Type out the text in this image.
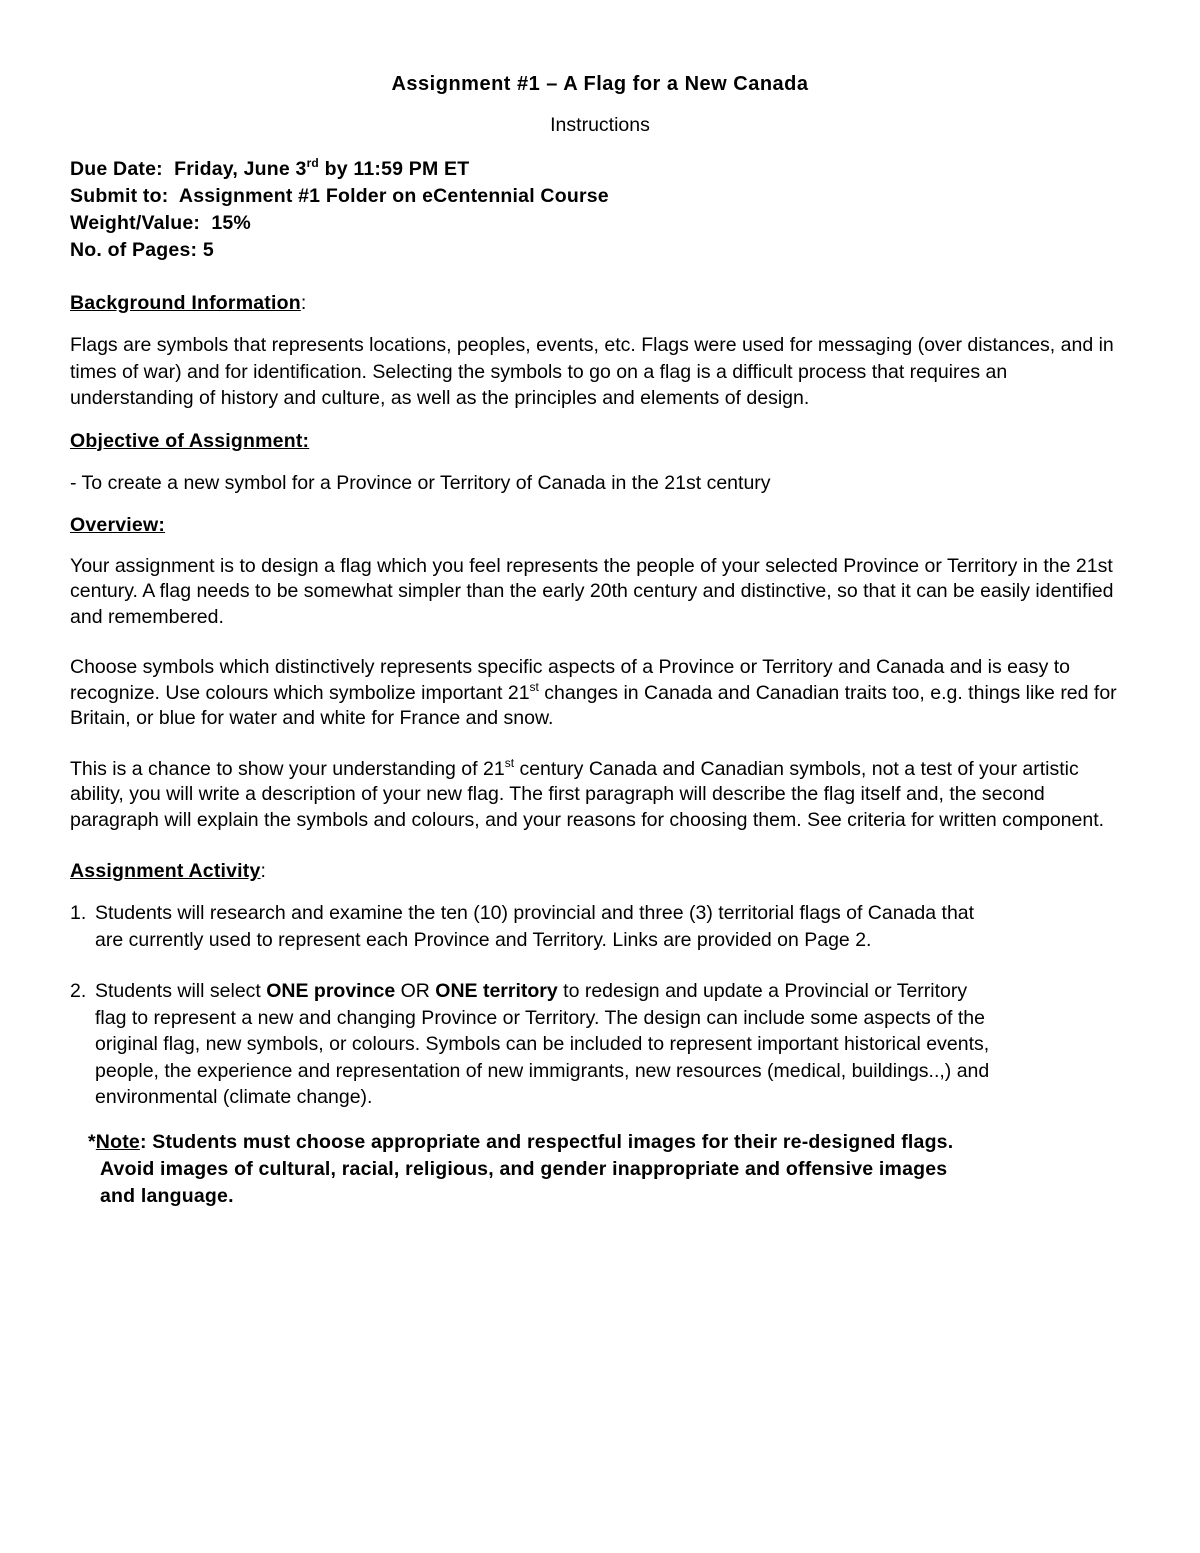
Assignment #1 – A Flag for a New Canada
Instructions
Due Date: Friday, June 3rd by 11:59 PM ET
Submit to: Assignment #1 Folder on eCentennial Course
Weight/Value: 15%
No. of Pages: 5
Background Information:
Flags are symbols that represents locations, peoples, events, etc. Flags were used for messaging (over distances, and in times of war) and for identification. Selecting the symbols to go on a flag is a difficult process that requires an understanding of history and culture, as well as the principles and elements of design.
Objective of Assignment:
- To create a new symbol for a Province or Territory of Canada in the 21st century
Overview:
Your assignment is to design a flag which you feel represents the people of your selected Province or Territory in the 21st century. A flag needs to be somewhat simpler than the early 20th century and distinctive, so that it can be easily identified and remembered.
Choose symbols which distinctively represents specific aspects of a Province or Territory and Canada and is easy to recognize. Use colours which symbolize important 21st changes in Canada and Canadian traits too, e.g. things like red for Britain, or blue for water and white for France and snow.
This is a chance to show your understanding of 21st century Canada and Canadian symbols, not a test of your artistic ability, you will write a description of your new flag. The first paragraph will describe the flag itself and, the second paragraph will explain the symbols and colours, and your reasons for choosing them. See criteria for written component.
Assignment Activity:
1. Students will research and examine the ten (10) provincial and three (3) territorial flags of Canada that are currently used to represent each Province and Territory. Links are provided on Page 2.
2. Students will select ONE province OR ONE territory to redesign and update a Provincial or Territory flag to represent a new and changing Province or Territory. The design can include some aspects of the original flag, new symbols, or colours. Symbols can be included to represent important historical events, people, the experience and representation of new immigrants, new resources (medical, buildings..,) and environmental (climate change).
*Note: Students must choose appropriate and respectful images for their re-designed flags. Avoid images of cultural, racial, religious, and gender inappropriate and offensive images and language.
